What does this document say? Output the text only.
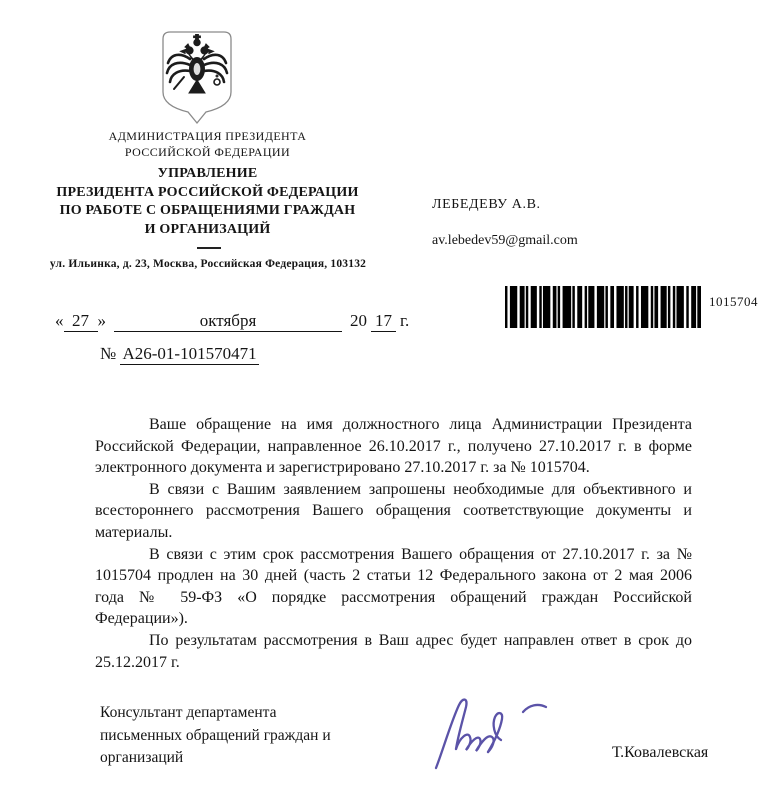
АДМИНИСТРАЦИЯ ПРЕЗИДЕНТА
РОССИЙСКОЙ ФЕДЕРАЦИИ
УПРАВЛЕНИЕ
ПРЕЗИДЕНТА РОССИЙСКОЙ ФЕДЕРАЦИИ
ПО РАБОТЕ С ОБРАЩЕНИЯМИ ГРАЖДАН
И ОРГАНИЗАЦИЙ
ул. Ильинка, д. 23, Москва, Российская Федерация, 103132
ЛЕБЕДЕВУ А.В.
av.lebedev59@gmail.com
1015704
« 27 »	октября	20 17 г.
№ А26-01-101570471
Ваше обращение на имя должностного лица Администрации Президента
Российской Федерации, направленное 26.10.2017 г., получено 27.10.2017 г. в форме
электронного документа и зарегистрировано 27.10.2017 г. за № 1015704.
В связи с Вашим заявлением запрошены необходимые для объективного и
всестороннего рассмотрения Вашего обращения соответствующие документы и
материалы.
В связи с этим срок рассмотрения Вашего обращения от 27.10.2017 г. за №
1015704 продлен на 30 дней (часть 2 статьи 12 Федерального закона от 2 мая 2006
года № 59-ФЗ «О порядке рассмотрения обращений граждан Российской
Федерации»).
По результатам рассмотрения в Ваш адрес будет направлен ответ в срок до
25.12.2017 г.
Консультант департамента
письменных обращений граждан и
организаций	Т.Ковалевская
